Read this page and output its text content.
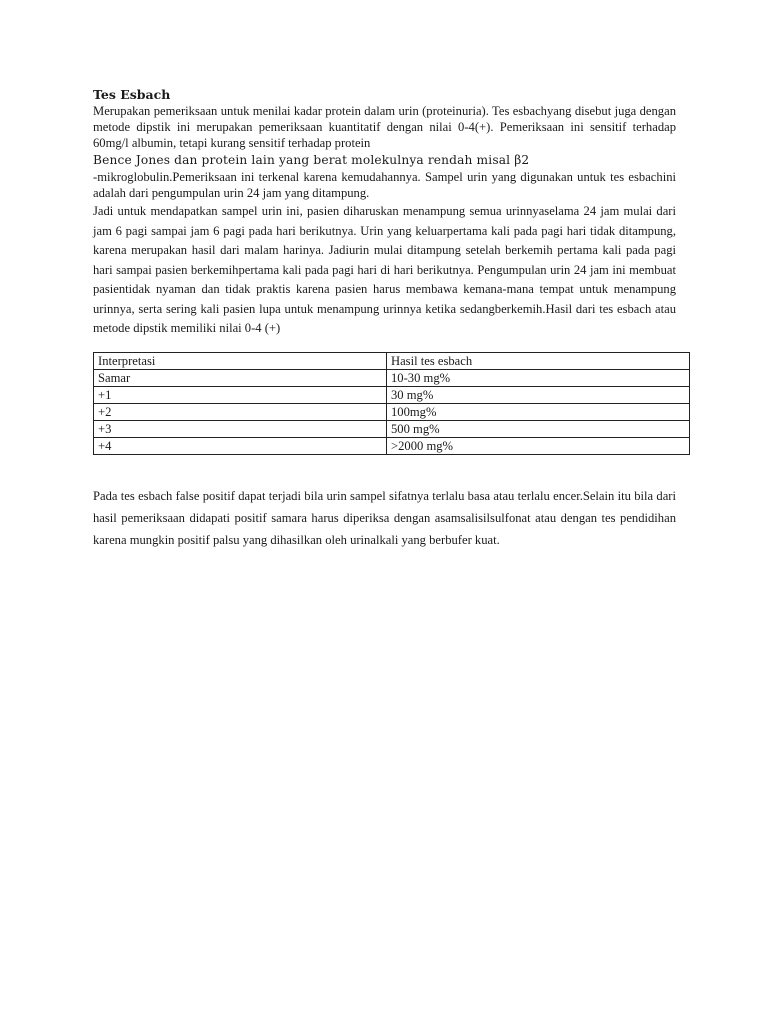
Tes Esbach

Merupakan pemeriksaan untuk menilai kadar protein dalam urin (proteinuria). Tes esbachyang disebut juga dengan metode dipstik ini merupakan pemeriksaan kuantitatif dengan nilai 0-4(+). Pemeriksaan ini sensitif terhadap 60mg/l albumin, tetapi kurang sensitif terhadap protein

Bence Jones dan protein lain yang berat molekulnya rendah misal β2

-mikroglobulin.Pemeriksaan ini terkenal karena kemudahannya. Sampel urin yang digunakan untuk tes esbachini adalah dari pengumpulan urin 24 jam yang ditampung.

Jadi untuk mendapatkan sampel urin ini, pasien diharuskan menampung semua urinnyaselama 24 jam mulai dari jam 6 pagi sampai jam 6 pagi pada hari berikutnya. Urin yang keluarpertama kali pada pagi hari tidak ditampung, karena merupakan hasil dari malam harinya. Jadiurin mulai ditampung setelah berkemih pertama kali pada pagi hari sampai pasien berkemihpertama kali pada pagi hari di hari berikutnya. Pengumpulan urin 24 jam ini membuat pasientidak nyaman dan tidak praktis karena pasien harus membawa kemana-mana tempat untuk menampung urinnya, serta sering kali pasien lupa untuk menampung urinnya ketika sedangberkemih.Hasil dari tes esbach atau metode dipstik memiliki nilai 0-4 (+)

Interpretasi	Hasil tes esbach
Samar	10-30 mg%
+1	30 mg%
+2	100mg%
+3	500 mg%
+4	>2000 mg%

Pada tes esbach false positif dapat terjadi bila urin sampel sifatnya terlalu basa atau terlalu encer.Selain itu bila dari hasil pemeriksaan didapati positif samara harus diperiksa dengan asamsalisilsulfonat atau dengan tes pendidihan karena mungkin positif palsu yang dihasilkan oleh urinalkali yang berbufer kuat.
